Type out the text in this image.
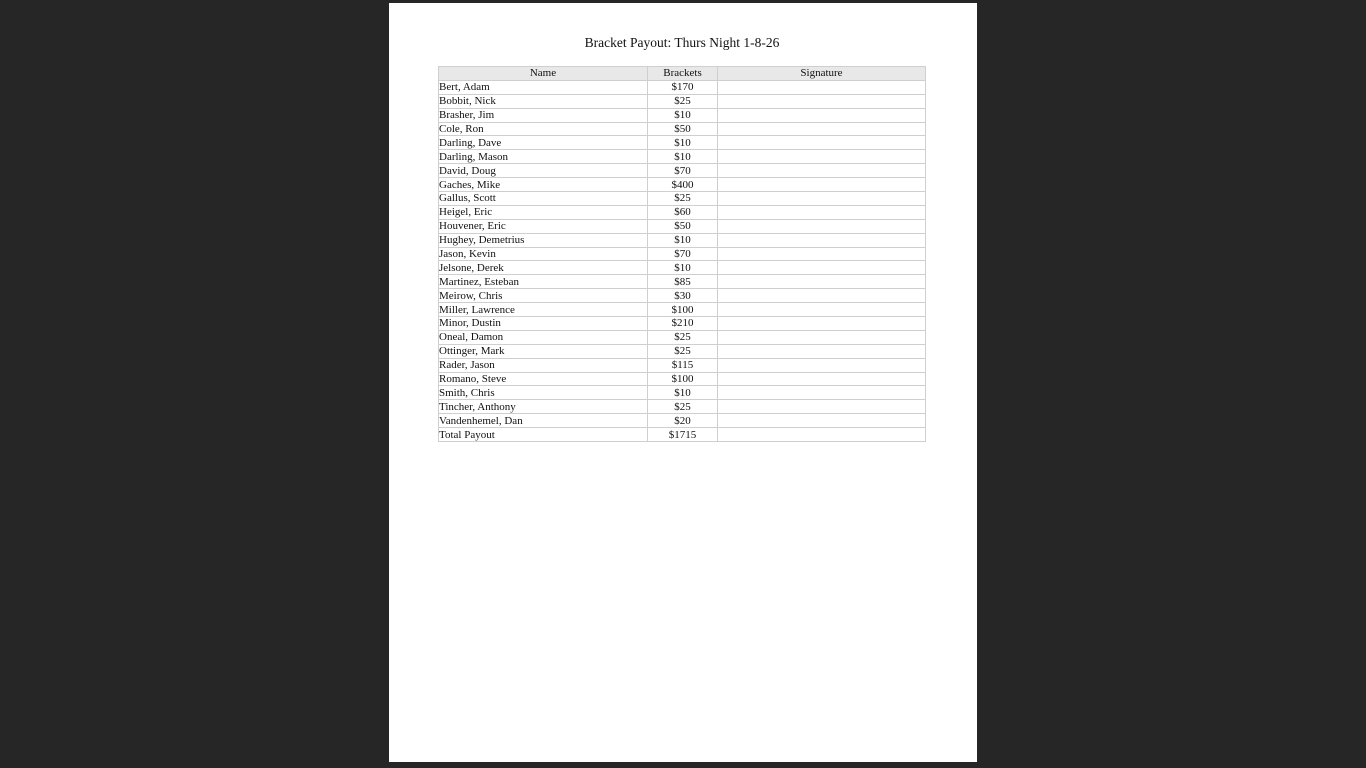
Bracket Payout: Thurs Night 1-8-26
Name	Brackets	Signature
Bert, Adam	$170	
Bobbit, Nick	$25	
Brasher, Jim	$10	
Cole, Ron	$50	
Darling, Dave	$10	
Darling, Mason	$10	
David, Doug	$70	
Gaches, Mike	$400	
Gallus, Scott	$25	
Heigel, Eric	$60	
Houvener, Eric	$50	
Hughey, Demetrius	$10	
Jason, Kevin	$70	
Jelsone, Derek	$10	
Martinez, Esteban	$85	
Meirow, Chris	$30	
Miller, Lawrence	$100	
Minor, Dustin	$210	
Oneal, Damon	$25	
Ottinger, Mark	$25	
Rader, Jason	$115	
Romano, Steve	$100	
Smith, Chris	$10	
Tincher, Anthony	$25	
Vandenhemel, Dan	$20	
Total Payout	$1715	
